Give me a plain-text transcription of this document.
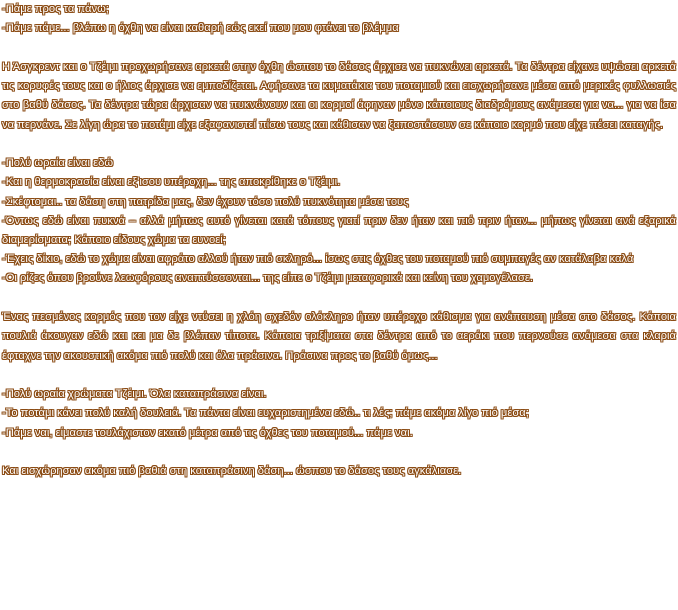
-Πάμε προς τα πάνω;

-Πάμε πάμε... βλέπω η όχθη να είναι καθαρή εώς εκεί που μου φτάνει το βλέμμα

Η Άσγκρεντ και ο Τζέιμι προχωρήσανε αρκετά στην όχθη ώσπου το δάσος άρχισε να πυκνώνει αρκετά. Τα δέντρα είχανε υψώσει αρκετά τις κορυφές τους και ο ήλιος άρχισε να εμποδίζεται. Αφήσανε τα κυματάκια του ποταμιού και εισχωρήσανε μέσα από μερικές φυλλωσιές στο βαθύ δάσος. Τα δέντρα τώρα άρχισαν να πυκνώνουν και οι κορμοί άφηναν μόνο κάποιους διαδρόμους ανάμεσα για να... για να ίσα να περνάνε. Σε λίγη ώρα το ποτάμι είχε εξαφανιστεί πίσω τους και κάθισαν να ξαποστάσουν σε κάποιο κορμό που είχε πέσει καταγής.

-Πολύ ωραία είναι εδώ

-Και η θερμοκρασία είναι εξ'ισου υπέροχη... της αποκρίθηκε ο Τζέιμι.

-Σκέφτομαι.. τα δάση στη πατρίδα μας, δεν έχουν τόσο πολύ πυκνότητα μέσα τους

-Όντως εδώ είναι πυκνά – αλλά μήπως αυτό γίνεται κατά τόπους γιατί πριν δεν ήταν και πιό πριν ήταν... μήπως γίνεται ανά εξαρικά διαμερίσματα; Κάποιο είδους χώμα τα ευνοεί;

-Έχεις δίκιο, εδώ το χώμα είναι αφράτο αλλού ήταν πιό σκληρό... ίσως στις όχθες του ποταμού πιό συμπαγές αν κατάλαβα καλά

-Οι ρίζες όπου βρούνε λεωφόρους αναπτύσσονται... της είπε ο Τζέιμι μεταφορικά και κείνη του χαμογέλασε.

Ένας πεσμένος κορμός που τον είχε ντύσει η χλόη σχεδόν ολόκληρο ήταν υπέροχο κάθισμα για ανάπαυση μέσα στο δάσος. Κάποια πουλιά άκουγαν εδώ και κει μα δε βλέπαν τίποτα. Κάποια τριξίματα στα δέντρα από το αεράκι που περνούσε ανάμεσα στα κλαριά έφταχνε την ακουστική ακόμα πιό πολύ και όλα πράσινα. Πράσινα προς το βαθύ όμως...

-Πολύ ωραία χρώματα Τζέιμι. Όλα καταπράσινα είναι.

-Το ποτάμι κάνει πολύ καλή δουλειά. Τα πάντα είναι ευχαριστημένα εδώ.. τι λές; πάμε ακόμα λίγο πιό μέσα;

-Πάμε ναι, είμαστε τουλάχιστον εκατό μέτρα από τις όχθες του ποταμού... πάμε ναι.

Και εισχώρησαν ακόμα πιό βαθιά στη καταπράσινη δάση... ώσπου το δάσος τους αγκάλιασε.
